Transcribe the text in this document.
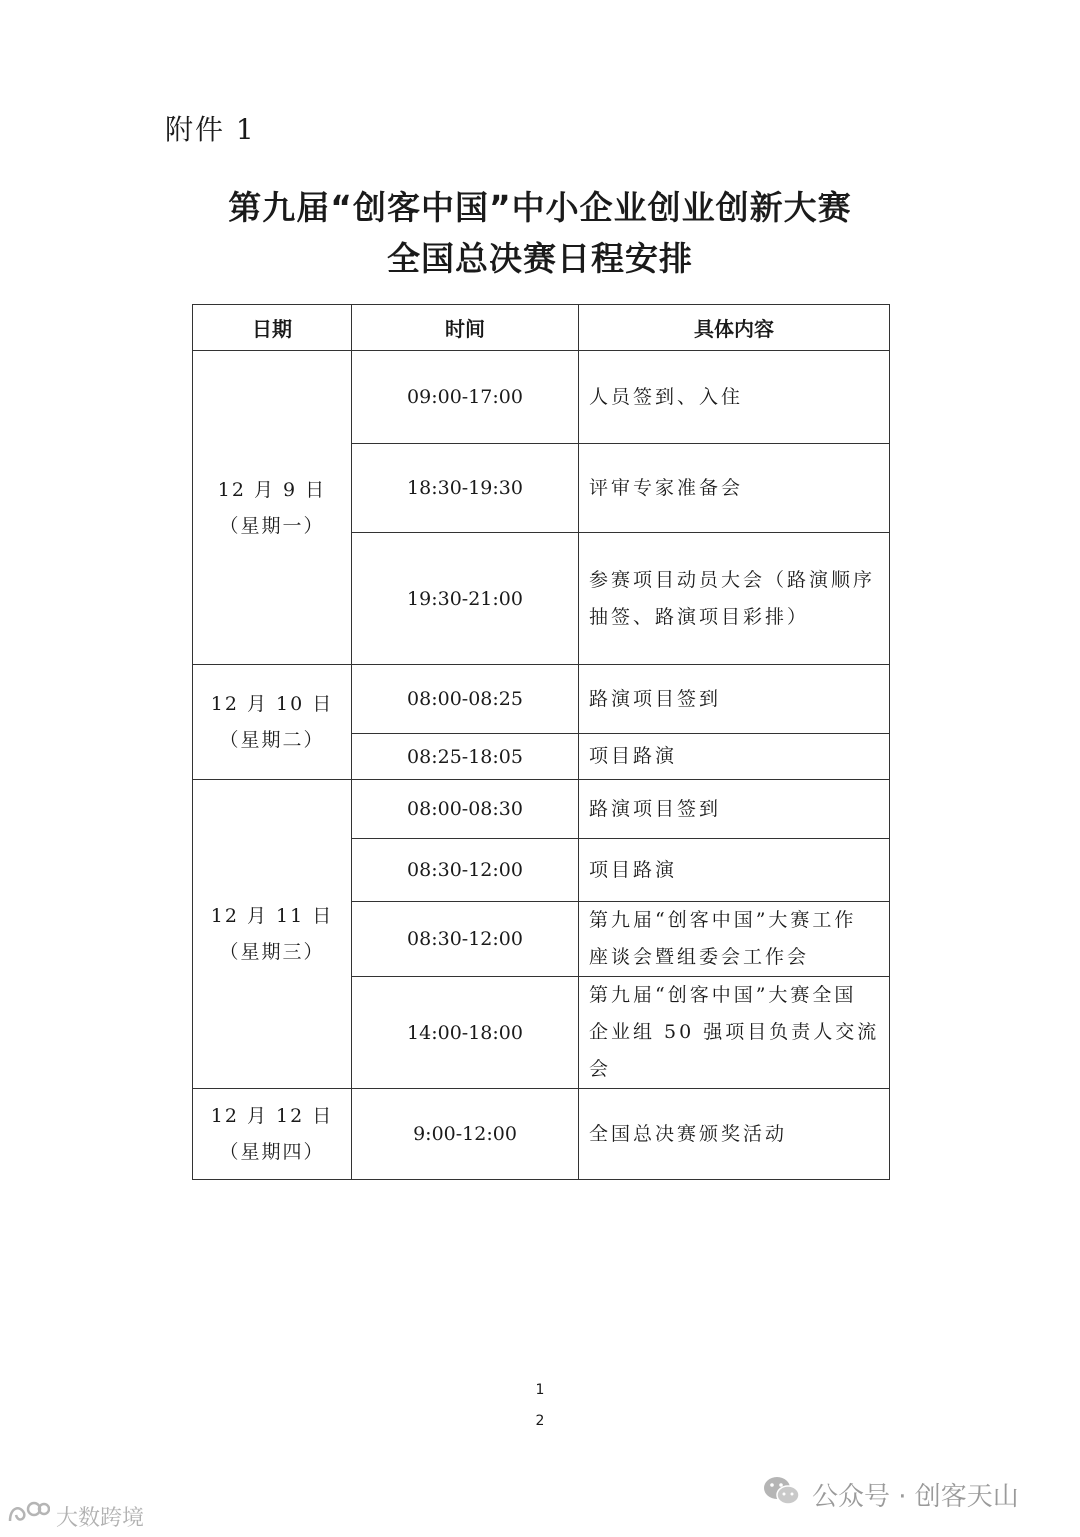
附件 1
第九届“创客中国”中小企业创业创新大赛
全国总决赛日程安排
日期	时间	具体内容

12 月 9 日
（星期一）	09:00-17:00	人员签到、入住
	18:30-19:30	评审专家准备会
	19:30-21:00	参赛项目动员大会（路演顺序
抽签、路演项目彩排）

12 月 10 日
（星期二）	08:00-08:25	路演项目签到
	08:25-18:05	项目路演

12 月 11 日
（星期三）	08:00-08:30	路演项目签到
	08:30-12:00	项目路演
	08:30-12:00	第九届“创客中国”大赛工作
座谈会暨组委会工作会

	14:00-18:00	第九届“创客中国”大赛全国
企业组 50 强项目负责人交流会

12 月 12 日
（星期四）	9:00-12:00	全国总决赛颁奖活动
1
2
公众号 · 创客天山
大数跨境
